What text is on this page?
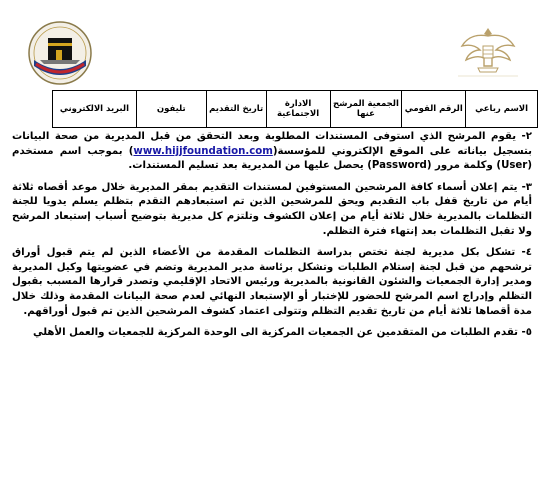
الاسم رباعي	الرقم القومي	الجمعية المرشح عنها	الادارة الاجتماعية	تاريخ التقديم	تليفون	البريد الالكتروني

٢- يقوم المرشح الذي استوفى المستندات المطلوبة وبعد التحقق من قبل المديرية من صحة البيانات بتسجيل بياناته على الموقع الإلكتروني للمؤسسة(www.hijjfoundation.com) بموجب اسم مستخدم (User) وكلمة مرور (Password) يحصل عليها من المديرية بعد تسليم المستندات.

٣- يتم إعلان أسماء كافة المرشحين المستوفين لمستندات التقديم بمقر المديرية خلال موعد أقصاه ثلاثة أيام من تاريخ قفل باب التقديم ويحق للمرشحين الذين تم استبعادهم التقدم بتظلم يسلم يدويا للجنة التظلمات بالمديرية خلال ثلاثة أيام من إعلان الكشوف وتلتزم كل مديرية بتوضيح أسباب إستبعاد المرشح ولا تقبل التظلمات بعد إنتهاء فترة التظلم.

٤- تشكل بكل مديرية لجنة تختص بدراسة التظلمات المقدمة من الأعضاء الذين لم يتم قبول أوراق ترشحهم من قبل لجنة إستلام الطلبات وتشكل برئاسة مدير المديرية وتضم في عضويتها وكيل المديرية ومدير إدارة الجمعيات والشئون القانونية بالمديرية ورئيس الاتحاد الإقليمي وتصدر قرارها المسبب بقبول التظلم وإدراج اسم المرشح للحضور للإختبار أو الإستبعاد النهائي لعدم صحة البيانات المقدمة وذلك خلال مدة أقصاها ثلاثة أيام من تاريخ تقديم التظلم وتتولى اعتماد كشوف المرشحين الذين تم قبول أوراقهم.

٥- تقدم الطلبات من المتقدمين عن الجمعيات المركزية الى الوحدة المركزية للجمعيات والعمل الأهلي
